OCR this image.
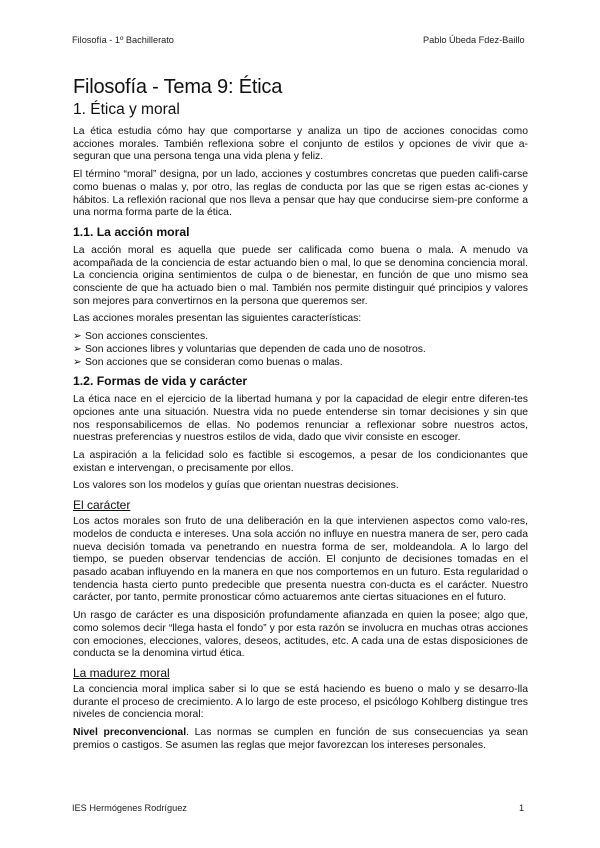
Filosofía - 1º Bachillerato	Pablo Úbeda Fdez-Baillo
Filosofía - Tema 9: Ética
1. Ética y moral

La ética estudia cómo hay que comportarse y analiza un tipo de acciones conocidas como acciones morales. También reflexiona sobre el conjunto de estilos y opciones de vivir que a-seguran que una persona tenga una vida plena y feliz.

El término “moral” designa, por un lado, acciones y costumbres concretas que pueden califi-carse como buenas o malas y, por otro, las reglas de conducta por las que se rigen estas ac-ciones y hábitos. La reflexión racional que nos lleva a pensar que hay que conducirse siem-pre conforme a una norma forma parte de la ética.

1.1. La acción moral

La acción moral es aquella que puede ser calificada como buena o mala. A menudo va acompañada de la conciencia de estar actuando bien o mal, lo que se denomina conciencia moral. La conciencia origina sentimientos de culpa o de bienestar, en función de que uno mismo sea consciente de que ha actuado bien o mal. También nos permite distinguir qué principios y valores son mejores para convertirnos en la persona que queremos ser.

Las acciones morales presentan las siguientes características:

➢ Son acciones conscientes.
➢ Son acciones libres y voluntarias que dependen de cada uno de nosotros.
➢ Son acciones que se consideran como buenas o malas.
1.2. Formas de vida y carácter

La ética nace en el ejercicio de la libertad humana y por la capacidad de elegir entre diferen-tes opciones ante una situación. Nuestra vida no puede entenderse sin tomar decisiones y sin que nos responsabilicemos de ellas. No podemos renunciar a reflexionar sobre nuestros actos, nuestras preferencias y nuestros estilos de vida, dado que vivir consiste en escoger.

La aspiración a la felicidad solo es factible si escogemos, a pesar de los condicionantes que existan e intervengan, o precisamente por ellos.

Los valores son los modelos y guías que orientan nuestras decisiones.

El carácter

Los actos morales son fruto de una deliberación en la que intervienen aspectos como valo-res, modelos de conducta e intereses. Una sola acción no influye en nuestra manera de ser, pero cada nueva decisión tomada va penetrando en nuestra forma de ser, moldeandola. A lo largo del tiempo, se pueden observar tendencias de acción. El conjunto de decisiones tomadas en el pasado acaban influyendo en la manera en que nos comportemos en un futuro. Esta regularidad o tendencia hasta cierto punto predecible que presenta nuestra con-ducta es el carácter. Nuestro carácter, por tanto, permite pronosticar cómo actuaremos ante ciertas situaciones en el futuro.

Un rasgo de carácter es una disposición profundamente afianzada en quien la posee; algo que, como solemos decir “llega hasta el fondo” y por esta razón se involucra en muchas otras acciones con emociones, elecciones, valores, deseos, actitudes, etc. A cada una de estas disposiciones de conducta se la denomina virtud ética.

La madurez moral

La conciencia moral implica saber si lo que se está haciendo es bueno o malo y se desarro-lla durante el proceso de crecimiento. A lo largo de este proceso, el psicólogo Kohlberg distingue tres niveles de conciencia moral:

Nivel preconvencional. Las normas se cumplen en función de sus consecuencias ya sean premios o castigos. Se asumen las reglas que mejor favorezcan los intereses personales.

IES Hermógenes Rodríguez	1
